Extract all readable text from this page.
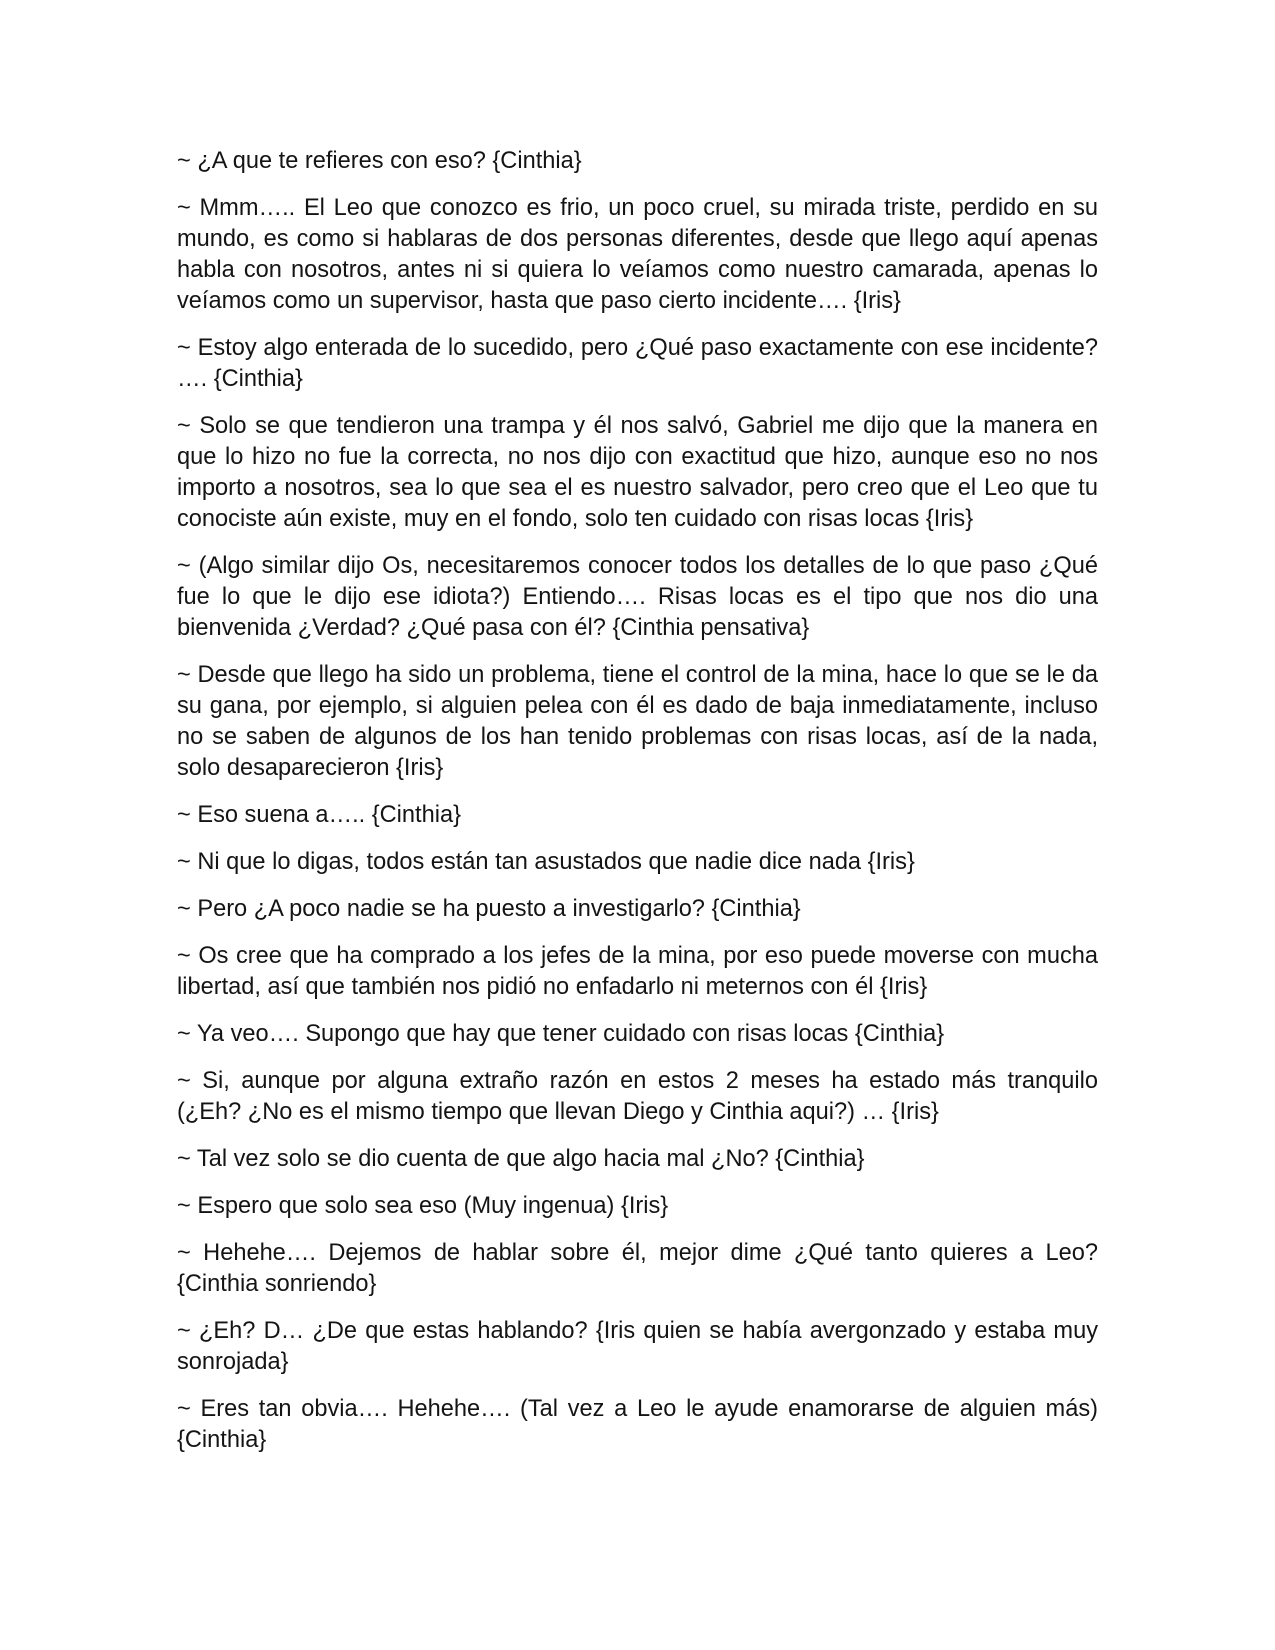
~ ¿A que te refieres con eso? {Cinthia}

~ Mmm….. El Leo que conozco es frio, un poco cruel, su mirada triste, perdido en su mundo, es como si hablaras de dos personas diferentes, desde que llego aquí apenas habla con nosotros, antes ni si quiera lo veíamos como nuestro camarada, apenas lo veíamos como un supervisor, hasta que paso cierto incidente…. {Iris}

~ Estoy algo enterada de lo sucedido, pero ¿Qué paso exactamente con ese incidente? …. {Cinthia}

~ Solo se que tendieron una trampa y él nos salvó, Gabriel me dijo que la manera en que lo hizo no fue la correcta, no nos dijo con exactitud que hizo, aunque eso no nos importo a nosotros, sea lo que sea el es nuestro salvador, pero creo que el Leo que tu conociste aún existe, muy en el fondo, solo ten cuidado con risas locas {Iris}

~ (Algo similar dijo Os, necesitaremos conocer todos los detalles de lo que paso ¿Qué fue lo que le dijo ese idiota?) Entiendo…. Risas locas es el tipo que nos dio una bienvenida ¿Verdad? ¿Qué pasa con él? {Cinthia pensativa}

~ Desde que llego ha sido un problema, tiene el control de la mina, hace lo que se le da su gana, por ejemplo, si alguien pelea con él es dado de baja inmediatamente, incluso no se saben de algunos de los han tenido problemas con risas locas, así de la nada, solo desaparecieron {Iris}

~ Eso suena a….. {Cinthia}

~ Ni que lo digas, todos están tan asustados que nadie dice nada {Iris}

~ Pero ¿A poco nadie se ha puesto a investigarlo? {Cinthia}

~ Os cree que ha comprado a los jefes de la mina, por eso puede moverse con mucha libertad, así que también nos pidió no enfadarlo ni meternos con él {Iris}

~ Ya veo…. Supongo que hay que tener cuidado con risas locas {Cinthia}

~ Si, aunque por alguna extraño razón en estos 2 meses ha estado más tranquilo (¿Eh? ¿No es el mismo tiempo que llevan Diego y Cinthia aqui?) … {Iris}

~ Tal vez solo se dio cuenta de que algo hacia mal ¿No? {Cinthia}

~ Espero que solo sea eso (Muy ingenua) {Iris}

~ Hehehe…. Dejemos de hablar sobre él, mejor dime ¿Qué tanto quieres a Leo? {Cinthia sonriendo}

~ ¿Eh? D… ¿De que estas hablando? {Iris quien se había avergonzado y estaba muy sonrojada}

~ Eres tan obvia…. Hehehe…. (Tal vez a Leo le ayude enamorarse de alguien más) {Cinthia}
